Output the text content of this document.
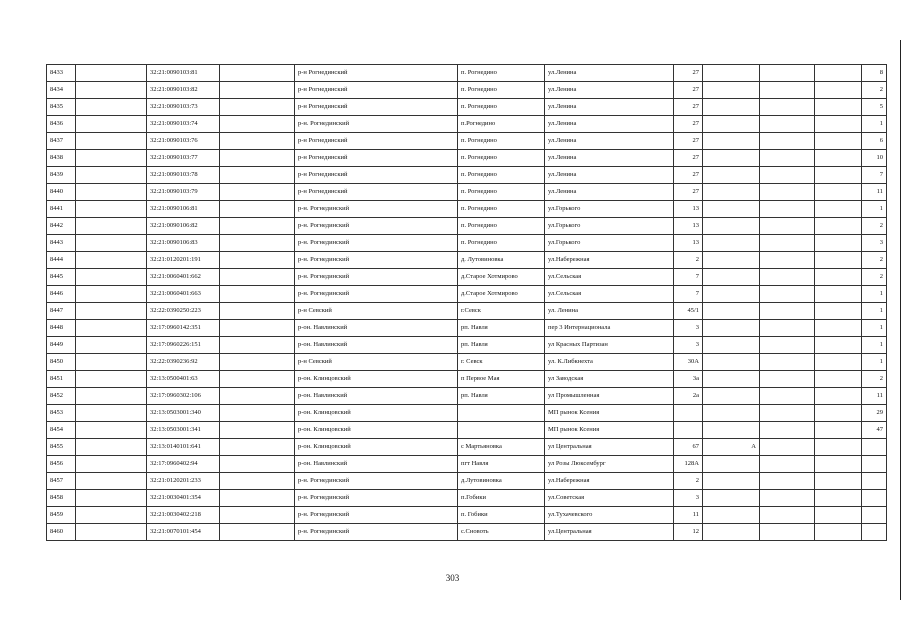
8433		32:21:0090103:81		р-н Рогнединский	п. Рогнедино	ул.Ленина	27				8
8434		32:21:0090103:82		р-н Рогнединский	п. Рогнедино	ул.Ленина	27				2
8435		32:21:0090103:73		р-н Рогнединский	п. Рогнедино	ул.Ленина	27				5
8436		32:21:0090103:74		р-н. Рогнединский	п.Рогнедино	ул.Ленина	27				1
8437		32:21:0090103:76		р-н Рогнединский	п. Рогнедино	ул.Ленина	27				6
8438		32:21:0090103:77		р-н Рогнединский	п. Рогнедино	ул.Ленина	27				10
8439		32:21:0090103:78		р-н Рогнединский	п. Рогнедино	ул.Ленина	27				7
8440		32:21:0090103:79		р-н Рогнединский	п. Рогнедино	ул.Ленина	27				11
8441		32:21:0090106:81		р-н. Рогнединский	п. Рогнедино	ул.Горького	13				1
8442		32:21:0090106:82		р-н. Рогнединский	п. Рогнедино	ул.Горького	13				2
8443		32:21:0090106:83		р-н. Рогнединский	п. Рогнедино	ул.Горького	13				3
8444		32:21:0120201:191		р-н. Рогнединский	д. Лутовиновка	ул.Набережная	2				2
8445		32:21:0060401:662		р-н. Рогнединский	д.Старое Хотмирово	ул.Сельская	7				2
8446		32:21:0060401:663		р-н. Рогнединский	д.Старое Хотмирово	ул.Сельская	7				1
8447		32:22:0390250:223		р-н Севский	г.Севск	ул. Ленина	45/1				1
8448		32:17:0960142:351		р-он. Навлинский	рп. Навля	пер 3 Интернационала	3				1
8449		32:17:0960226:151		р-он. Навлинский	рп. Навля	ул Красных Партизан	3				1
8450		32:22:0390236:92		р-н Севский	г. Севск	ул. К.Либкнехта	30А				1
8451		32:13:0500401:63		р-он. Клинцовский	п Первое Мая	ул Заводская	3а				2
8452		32:17:0960302:106		р-он. Навлинский	рп. Навля	ул Промышленная	2а				11
8453		32:13:0503001:340		р-он. Клинцовский		МП рынок Ксения					29
8454		32:13:0503001:341		р-он. Клинцовский		МП рынок Ксения					47
8455		32:13:0140101:641		р-он. Клинцовский	с Мартьяновка	ул Центральная	67	А			
8456		32:17:0960402:94		р-он. Навлинский	пгт Навля	ул Розы Люксембург	128А				
8457		32:21:0120201:233		р-н. Рогнединский	д.Лутовиновка	ул.Набережная	2				
8458		32:21:0030401:354		р-н. Рогнединский	п.Гобики	ул.Советская	3				
8459		32:21:0030402:218		р-н. Рогнединский	п. Гобики	ул.Тухачевского	11				
8460		32:21:0070101:454		р-н. Рогнединский	с.Сновоть	ул.Центральная	12				
303
